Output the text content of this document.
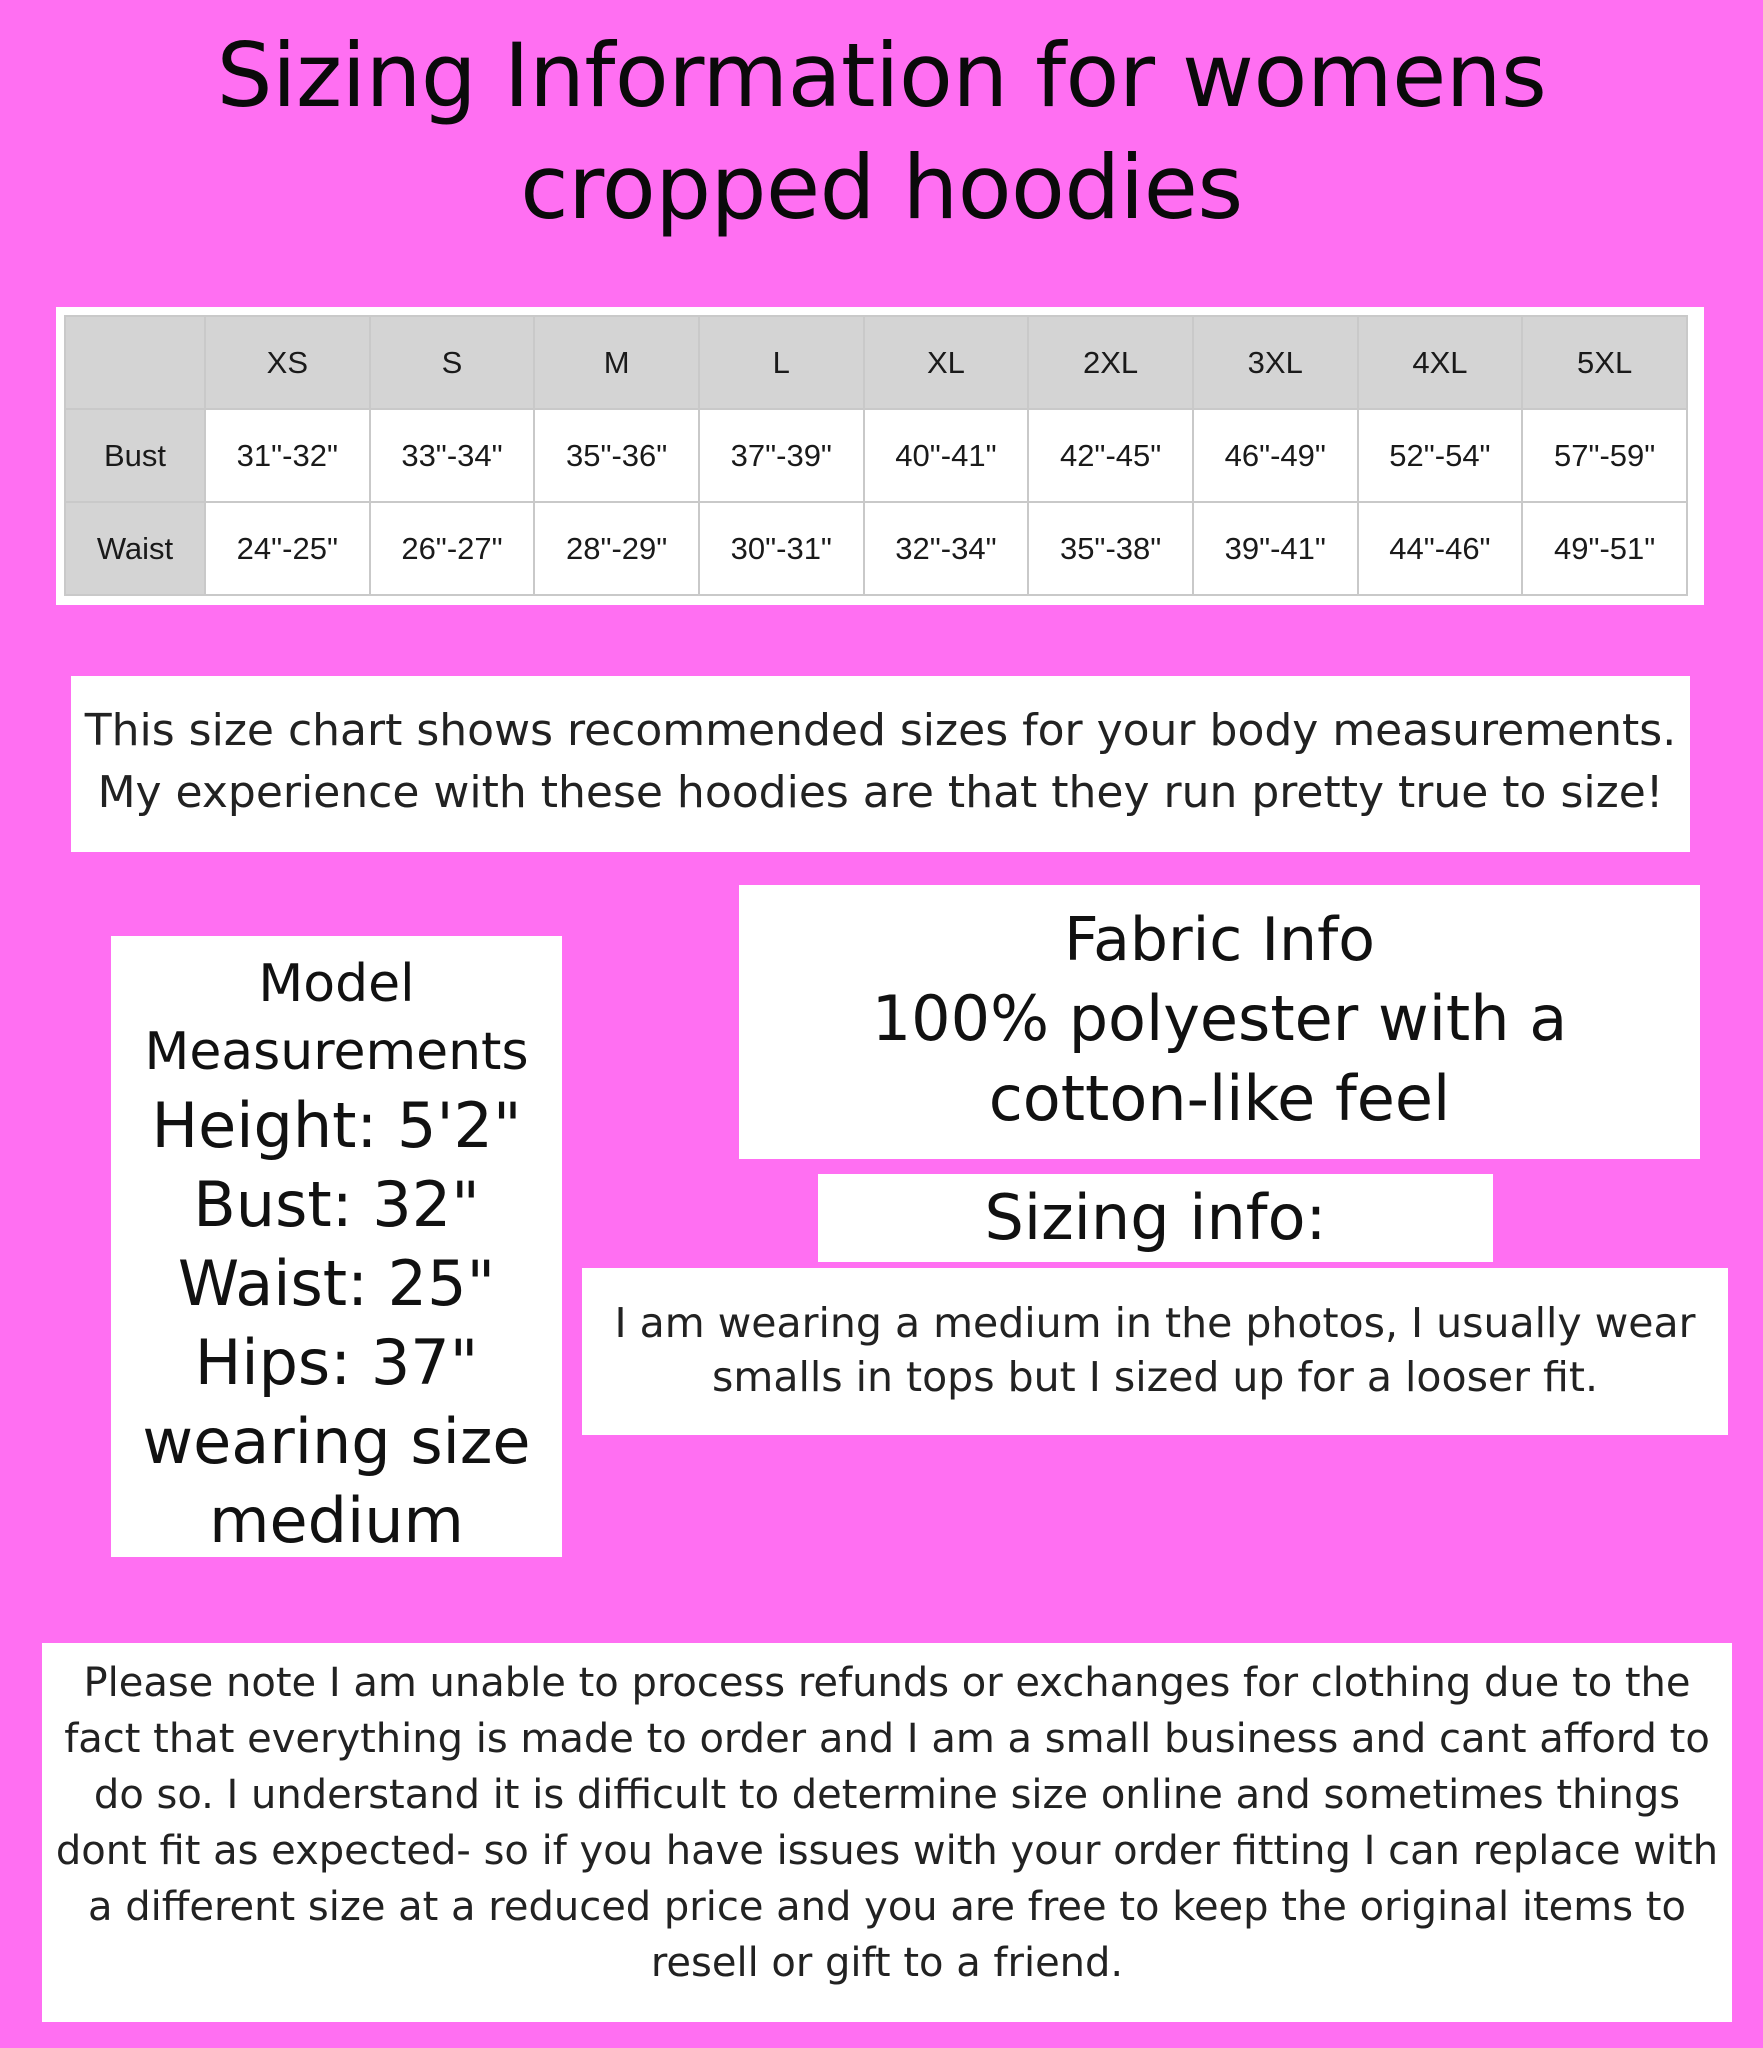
Sizing Information for womens
cropped hoodies
	XS	S	M	L	XL	2XL	3XL	4XL	5XL
Bust	31"-32"	33"-34"	35"-36"	37"-39"	40"-41"	42"-45"	46"-49"	52"-54"	57"-59"
Waist	24"-25"	26"-27"	28"-29"	30"-31"	32"-34"	35"-38"	39"-41"	44"-46"	49"-51"
This size chart shows recommended sizes for your body measurements.
My experience with these hoodies are that they run pretty true to size!
Model
Measurements
Height: 5'2"
Bust: 32"
Waist: 25"
Hips: 37"
wearing size
medium
Fabric Info
100% polyester with a
cotton-like feel
Sizing info:
I am wearing a medium in the photos, I usually wear
smalls in tops but I sized up for a looser fit.
Please note I am unable to process refunds or exchanges for clothing due to the
fact that everything is made to order and I am a small business and cant afford to
do so. I understand it is difficult to determine size online and sometimes things
dont fit as expected- so if you have issues with your order fitting I can replace with
a different size at a reduced price and you are free to keep the original items to
resell or gift to a friend.
